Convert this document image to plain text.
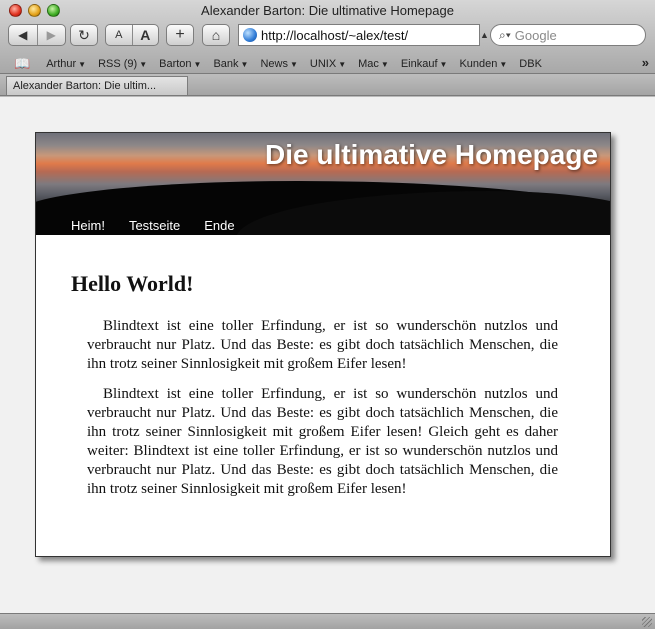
Alexander Barton: Die ultimative Homepage
◀	▶	↻	A	A	+	⌂	http://localhost/~alex/test/	▲ ⌕▾ Google
📖 Arthur ▼ RSS (9) ▼ Barton ▼ Bank ▼ News ▼ UNIX ▼ Mac ▼ Einkauf ▼ Kunden ▼ DBK	»
Alexander Barton: Die ultim...
Die ultimative Homepage
Heim! Testseite Ende
Hello World!

Blindtext ist eine toller Erfindung, er ist so wunderschön nutzlos und verbraucht nur Platz. Und das Beste: es gibt doch tatsächlich Menschen, die ihn trotz seiner Sinnlosigkeit mit großem Eifer lesen!

Blindtext ist eine toller Erfindung, er ist so wunderschön nutzlos und verbraucht nur Platz. Und das Beste: es gibt doch tatsächlich Menschen, die ihn trotz seiner Sinnlosigkeit mit großem Eifer lesen! Gleich geht es daher weiter: Blindtext ist eine toller Erfindung, er ist so wunderschön nutzlos und verbraucht nur Platz. Und das Beste: es gibt doch tatsächlich Menschen, die ihn trotz seiner Sinnlosigkeit mit großem Eifer lesen!
